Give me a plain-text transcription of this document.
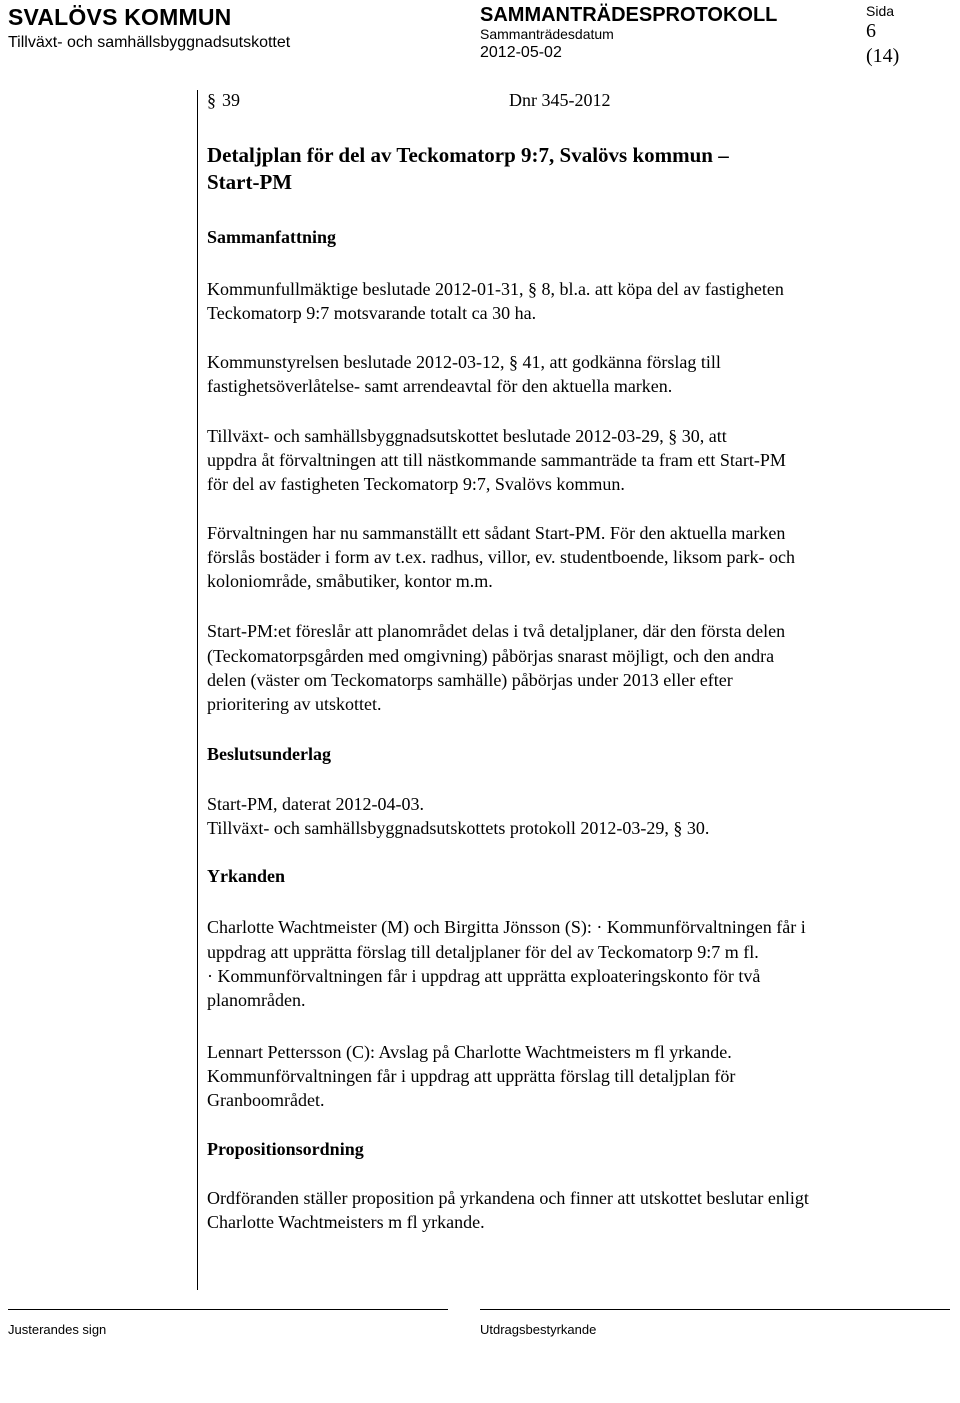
SVALÖVS KOMMUN
Tillväxt- och samhällsbyggnadsutskottet
SAMMANTRÄDESPROTOKOLL
Sammanträdesdatum
2012-05-02
Sida
6
(14)
§ 39	Dnr 345-2012
Detaljplan för del av Teckomatorp 9:7, Svalövs kommun –
Start-PM
Sammanfattning
Kommunfullmäktige beslutade 2012-01-31, § 8, bl.a. att köpa del av fastigheten
Teckomatorp 9:7 motsvarande totalt ca 30 ha.
Kommunstyrelsen beslutade 2012-03-12, § 41, att godkänna förslag till
fastighetsöverlåtelse- samt arrendeavtal för den aktuella marken.
Tillväxt- och samhällsbyggnadsutskottet beslutade 2012-03-29, § 30, att
uppdra åt förvaltningen att till nästkommande sammanträde ta fram ett Start-PM
för del av fastigheten Teckomatorp 9:7, Svalövs kommun.
Förvaltningen har nu sammanställt ett sådant Start-PM. För den aktuella marken
förslås bostäder i form av t.ex. radhus, villor, ev. studentboende, liksom park- och
koloniområde, småbutiker, kontor m.m.
Start-PM:et föreslår att planområdet delas i två detaljplaner, där den första delen
(Teckomatorpsgården med omgivning) påbörjas snarast möjligt, och den andra
delen (väster om Teckomatorps samhälle) påbörjas under 2013 eller efter
prioritering av utskottet.
Beslutsunderlag
Start-PM, daterat 2012-04-03.
Tillväxt- och samhällsbyggnadsutskottets protokoll 2012-03-29, § 30.
Yrkanden
Charlotte Wachtmeister (M) och Birgitta Jönsson (S): · Kommunförvaltningen får i
uppdrag att upprätta förslag till detaljplaner för del av Teckomatorp 9:7 m fl.
· Kommunförvaltningen får i uppdrag att upprätta exploateringskonto för två
planområden.
Lennart Pettersson (C): Avslag på Charlotte Wachtmeisters m fl yrkande.
Kommunförvaltningen får i uppdrag att upprätta förslag till detaljplan för
Granboområdet.
Propositionsordning
Ordföranden ställer proposition på yrkandena och finner att utskottet beslutar enligt
Charlotte Wachtmeisters m fl yrkande.
Justerandes sign	Utdragsbestyrkande
